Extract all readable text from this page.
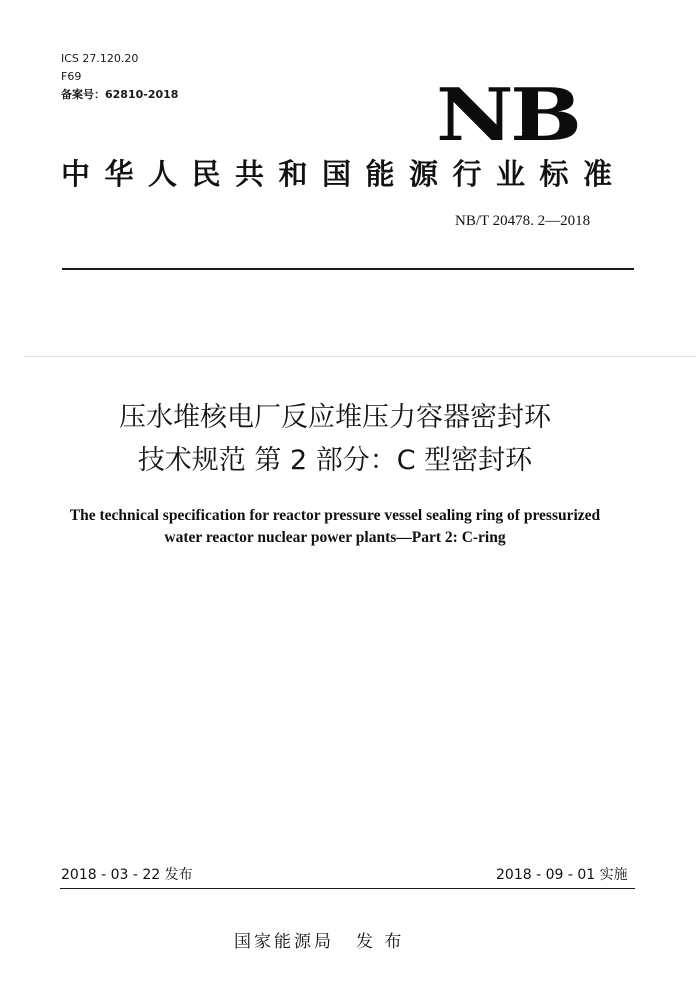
ICS 27.120.20
F69
备案号：62810-2018	NB
中华人民共和国能源行业标准
NB/T 20478. 2—2018
压水堆核电厂反应堆压力容器密封环
技术规范 第 2 部分：C 型密封环
The technical specification for reactor pressure vessel sealing ring of pressurized
water reactor nuclear power plants—Part 2: C-ring
2018 - 03 - 22 发布	2018 - 09 - 01 实施
国家能源局 发 布
